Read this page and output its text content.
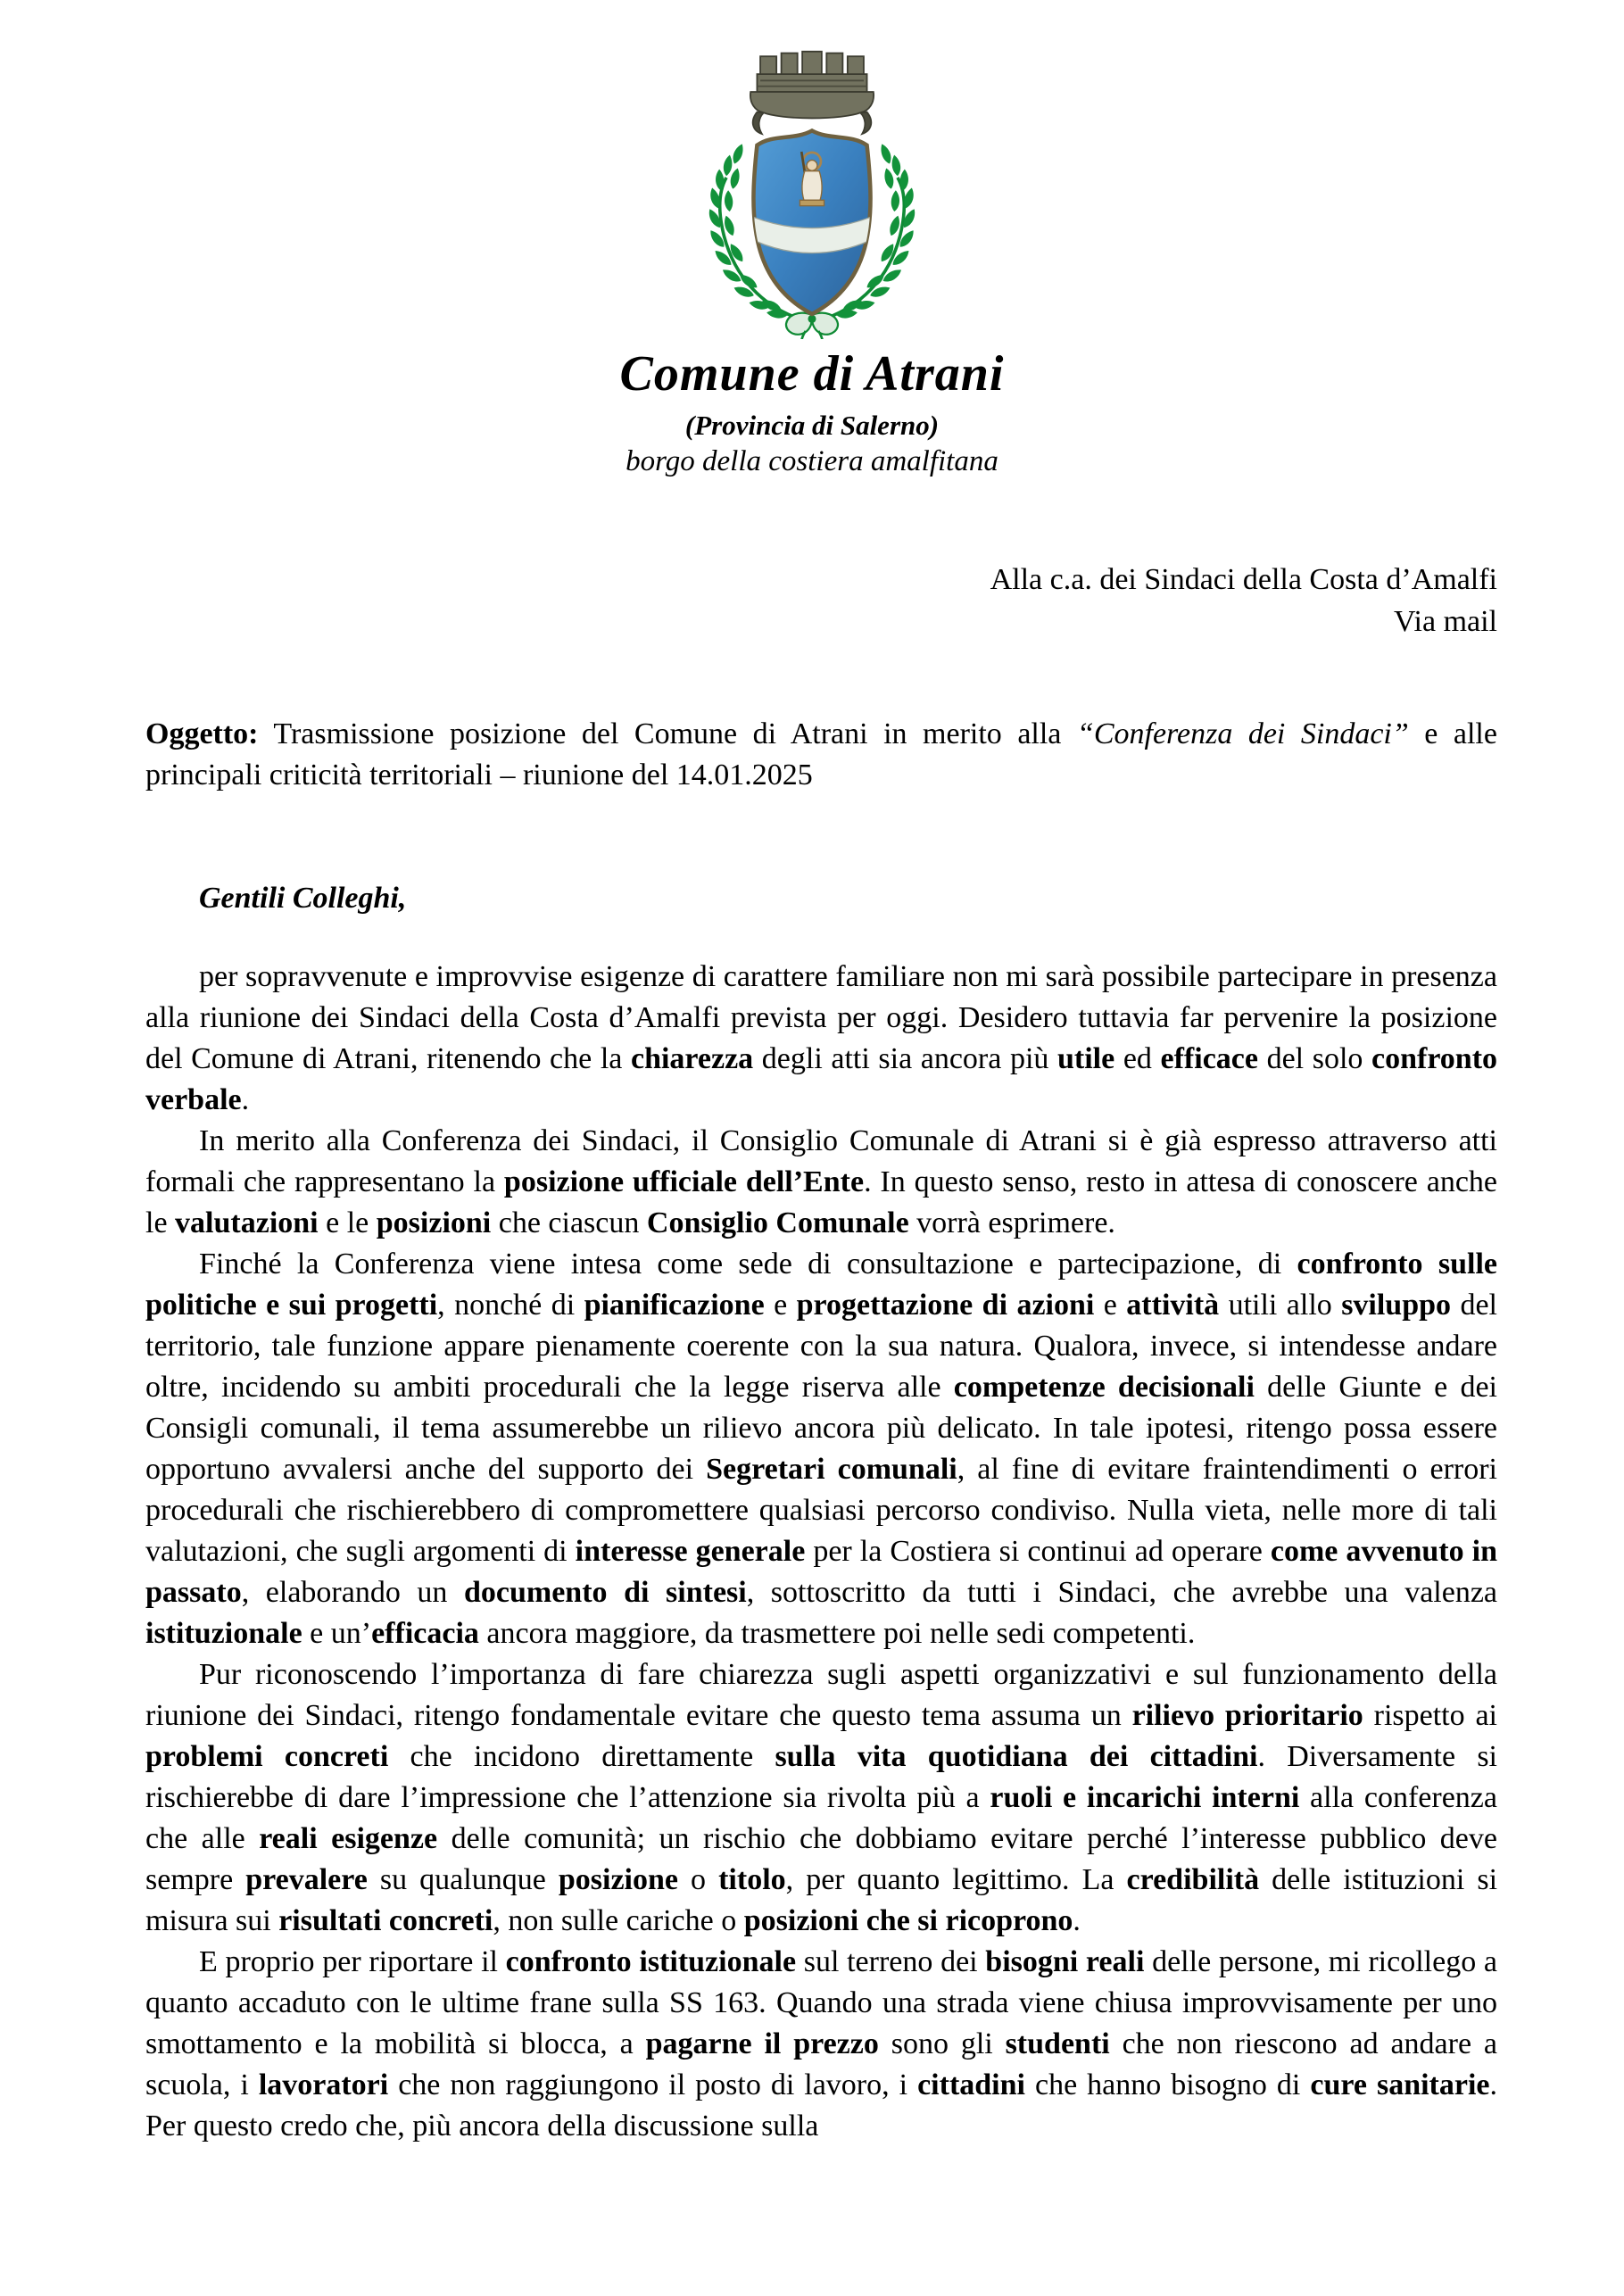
Comune di Atrani
(Provincia di Salerno)
borgo della costiera amalfitana
Alla c.a. dei Sindaci della Costa d’Amalfi
Via mail

Oggetto: Trasmissione posizione del Comune di Atrani in merito alla “Conferenza dei Sindaci” e alle principali criticità territoriali – riunione del 14.01.2025

Gentili Colleghi,

per sopravvenute e improvvise esigenze di carattere familiare non mi sarà possibile partecipare in presenza alla riunione dei Sindaci della Costa d’Amalfi prevista per oggi. Desidero tuttavia far pervenire la posizione del Comune di Atrani, ritenendo che la chiarezza degli atti sia ancora più utile ed efficace del solo confronto verbale.

In merito alla Conferenza dei Sindaci, il Consiglio Comunale di Atrani si è già espresso attraverso atti formali che rappresentano la posizione ufficiale dell’Ente. In questo senso, resto in attesa di conoscere anche le valutazioni e le posizioni che ciascun Consiglio Comunale vorrà esprimere.

Finché la Conferenza viene intesa come sede di consultazione e partecipazione, di confronto sulle politiche e sui progetti, nonché di pianificazione e progettazione di azioni e attività utili allo sviluppo del territorio, tale funzione appare pienamente coerente con la sua natura. Qualora, invece, si intendesse andare oltre, incidendo su ambiti procedurali che la legge riserva alle competenze decisionali delle Giunte e dei Consigli comunali, il tema assumerebbe un rilievo ancora più delicato. In tale ipotesi, ritengo possa essere opportuno avvalersi anche del supporto dei Segretari comunali, al fine di evitare fraintendimenti o errori procedurali che rischierebbero di compromettere qualsiasi percorso condiviso. Nulla vieta, nelle more di tali valutazioni, che sugli argomenti di interesse generale per la Costiera si continui ad operare come avvenuto in passato, elaborando un documento di sintesi, sottoscritto da tutti i Sindaci, che avrebbe una valenza istituzionale e un’efficacia ancora maggiore, da trasmettere poi nelle sedi competenti.

Pur riconoscendo l’importanza di fare chiarezza sugli aspetti organizzativi e sul funzionamento della riunione dei Sindaci, ritengo fondamentale evitare che questo tema assuma un rilievo prioritario rispetto ai problemi concreti che incidono direttamente sulla vita quotidiana dei cittadini. Diversamente si rischierebbe di dare l’impressione che l’attenzione sia rivolta più a ruoli e incarichi interni alla conferenza che alle reali esigenze delle comunità; un rischio che dobbiamo evitare perché l’interesse pubblico deve sempre prevalere su qualunque posizione o titolo, per quanto legittimo. La credibilità delle istituzioni si misura sui risultati concreti, non sulle cariche o posizioni che si ricoprono.

E proprio per riportare il confronto istituzionale sul terreno dei bisogni reali delle persone, mi ricollego a quanto accaduto con le ultime frane sulla SS 163. Quando una strada viene chiusa improvvisamente per uno smottamento e la mobilità si blocca, a pagarne il prezzo sono gli studenti che non riescono ad andare a scuola, i lavoratori che non raggiungono il posto di lavoro, i cittadini che hanno bisogno di cure sanitarie. Per questo credo che, più ancora della discussione sulla
